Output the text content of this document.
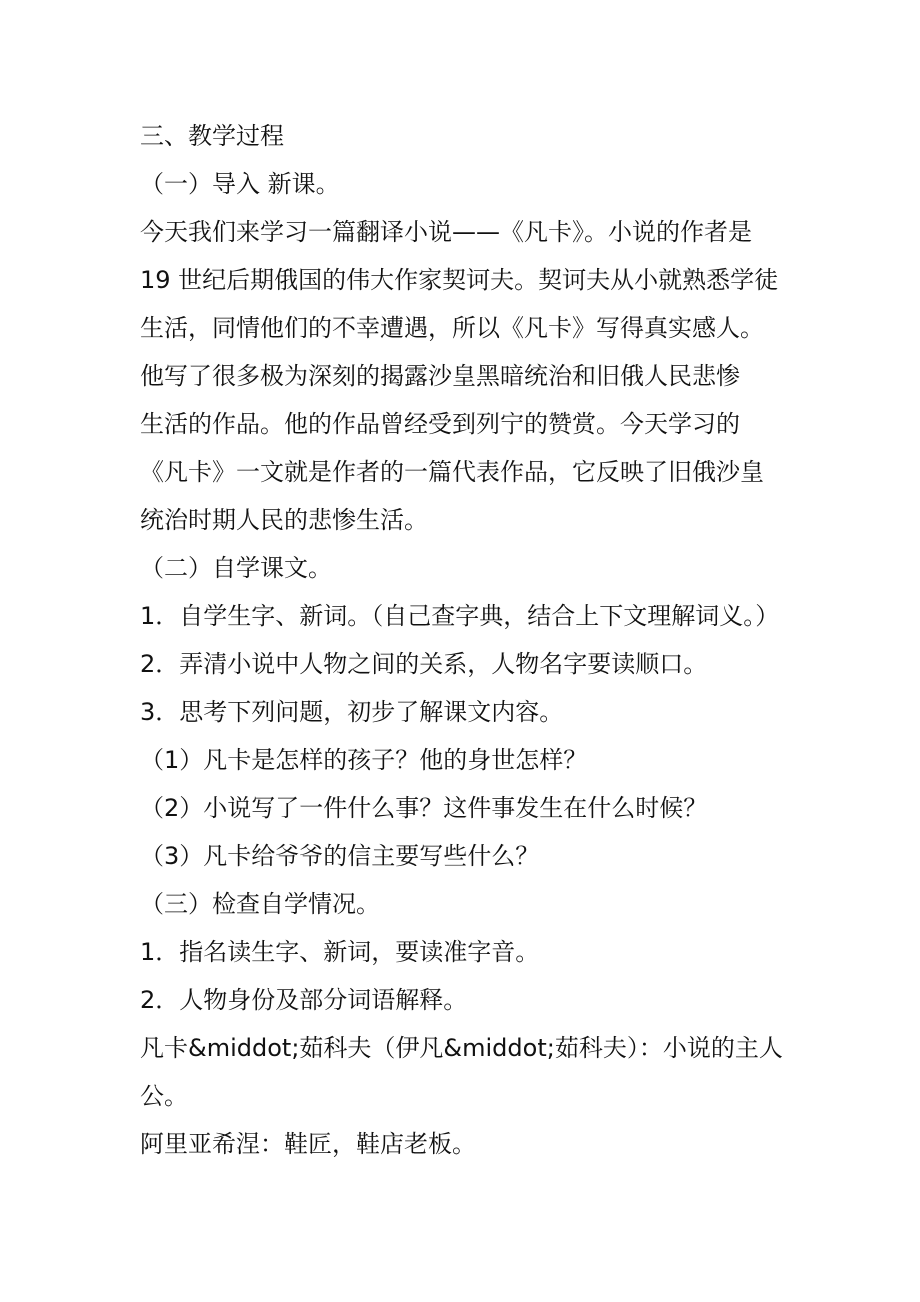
三、教学过程
（一）导入 新课。
今天我们来学习一篇翻译小说——《凡卡》。小说的作者是
19 世纪后期俄国的伟大作家契诃夫。契诃夫从小就熟悉学徒
生活，同情他们的不幸遭遇，所以《凡卡》写得真实感人。
他写了很多极为深刻的揭露沙皇黑暗统治和旧俄人民悲惨
生活的作品。他的作品曾经受到列宁的赞赏。今天学习的
《凡卡》一文就是作者的一篇代表作品，它反映了旧俄沙皇
统治时期人民的悲惨生活。
（二）自学课文。
1．自学生字、新词。（自己查字典，结合上下文理解词义。）
2．弄清小说中人物之间的关系，人物名字要读顺口。
3．思考下列问题，初步了解课文内容。
（1）凡卡是怎样的孩子？他的身世怎样？
（2）小说写了一件什么事？这件事发生在什么时候？
（3）凡卡给爷爷的信主要写些什么？
（三）检查自学情况。
1．指名读生字、新词，要读准字音。
2．人物身份及部分词语解释。
凡卡&middot;茹科夫（伊凡&middot;茹科夫）：小说的主人
公。
阿里亚希涅：鞋匠，鞋店老板。
